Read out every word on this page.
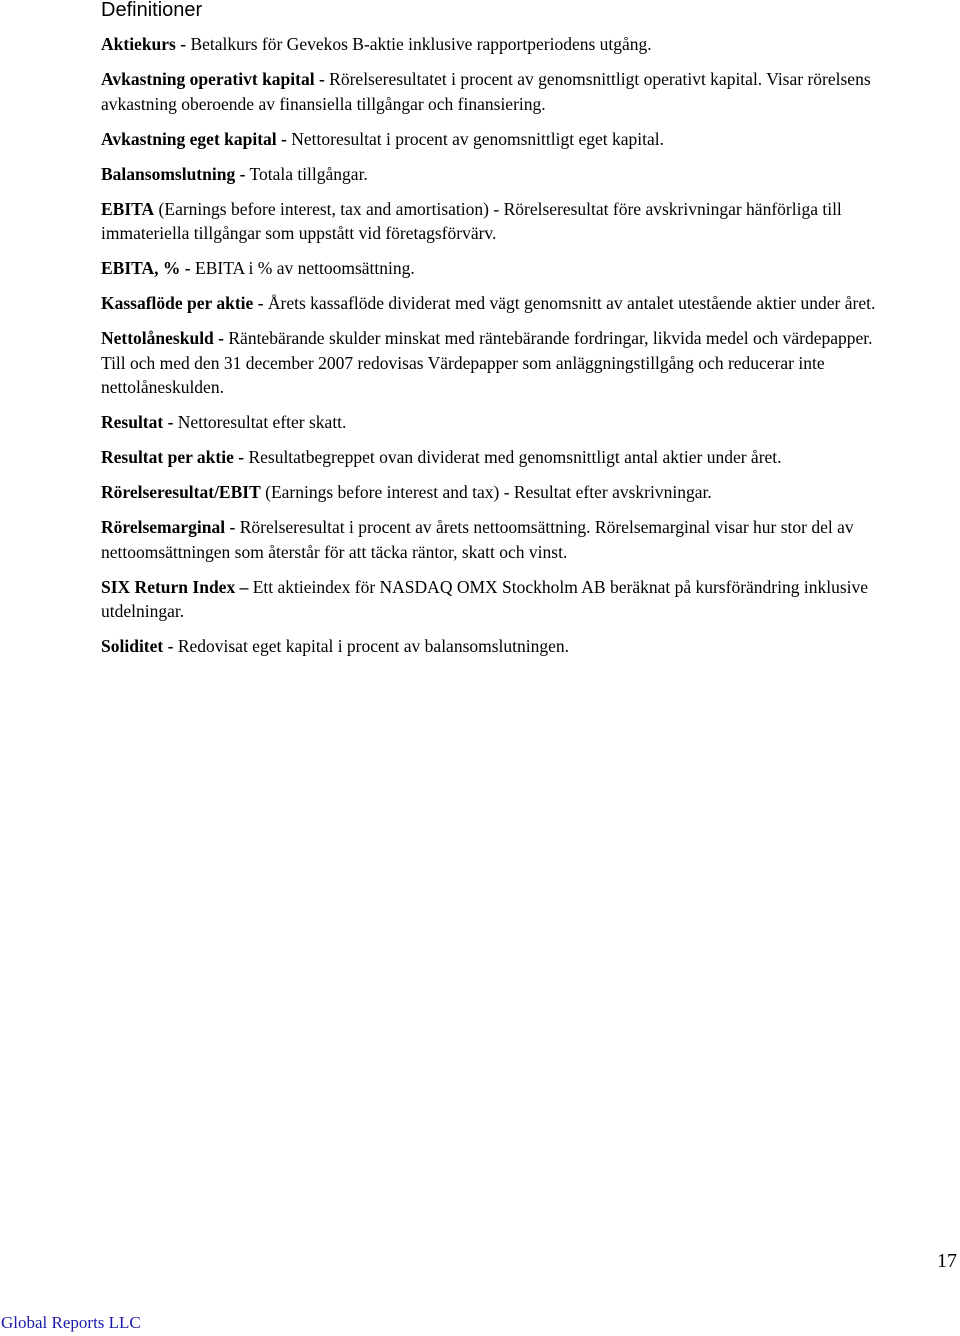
Definitioner
Aktiekurs - Betalkurs för Gevekos B-aktie inklusive rapportperiodens utgång.
Avkastning operativt kapital - Rörelseresultatet i procent av genomsnittligt operativt kapital. Visar rörelsens avkastning oberoende av finansiella tillgångar och finansiering.
Avkastning eget kapital - Nettoresultat i procent av genomsnittligt eget kapital.
Balansomslutning - Totala tillgångar.
EBITA (Earnings before interest, tax and amortisation) - Rörelseresultat före avskrivningar hänförliga till immateriella tillgångar som uppstått vid företagsförvärv.
EBITA, % - EBITA i % av nettoomsättning.
Kassaflöde per aktie - Årets kassaflöde dividerat med vägt genomsnitt av antalet utestående aktier under året.
Nettolåneskuld - Räntebärande skulder minskat med räntebärande fordringar, likvida medel och värdepapper. Till och med den 31 december 2007 redovisas Värdepapper som anläggningstillgång och reducerar inte nettolåneskulden.
Resultat - Nettoresultat efter skatt.
Resultat per aktie - Resultatbegreppet ovan dividerat med genomsnittligt antal aktier under året.
Rörelseresultat/EBIT (Earnings before interest and tax) - Resultat efter avskrivningar.
Rörelsemarginal - Rörelseresultat i procent av årets nettoomsättning. Rörelsemarginal visar hur stor del av nettoomsättningen som återstår för att täcka räntor, skatt och vinst.
SIX Return Index – Ett aktieindex för NASDAQ OMX Stockholm AB beräknat på kursförändring inklusive utdelningar.
Soliditet - Redovisat eget kapital i procent av balansomslutningen.
17
Global Reports LLC
